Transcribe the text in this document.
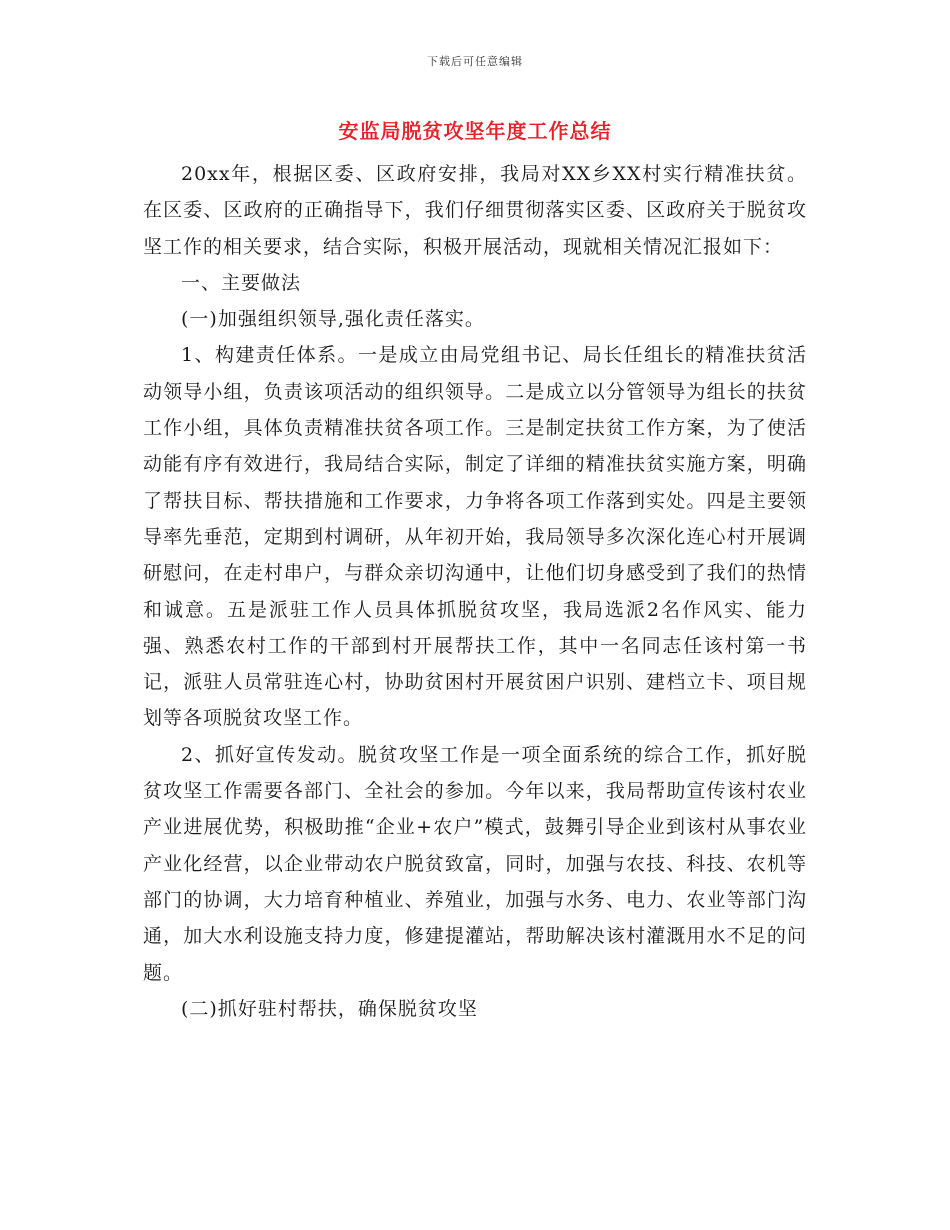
下载后可任意编辑
安监局脱贫攻坚年度工作总结

20xx年，根据区委、区政府安排，我局对XX乡XX村实行精准扶贫。在区委、区政府的正确指导下，我们仔细贯彻落实区委、区政府关于脱贫攻坚工作的相关要求，结合实际，积极开展活动，现就相关情况汇报如下：

一、主要做法

(一)加强组织领导,强化责任落实。

1、构建责任体系。一是成立由局党组书记、局长任组长的精准扶贫活动领导小组，负责该项活动的组织领导。二是成立以分管领导为组长的扶贫工作小组，具体负责精准扶贫各项工作。三是制定扶贫工作方案，为了使活动能有序有效进行，我局结合实际，制定了详细的精准扶贫实施方案，明确了帮扶目标、帮扶措施和工作要求，力争将各项工作落到实处。四是主要领导率先垂范，定期到村调研，从年初开始，我局领导多次深化连心村开展调研慰问，在走村串户，与群众亲切沟通中，让他们切身感受到了我们的热情和诚意。五是派驻工作人员具体抓脱贫攻坚，我局选派2名作风实、能力强、熟悉农村工作的干部到村开展帮扶工作，其中一名同志任该村第一书记，派驻人员常驻连心村，协助贫困村开展贫困户识别、建档立卡、项目规划等各项脱贫攻坚工作。

2、抓好宣传发动。脱贫攻坚工作是一项全面系统的综合工作，抓好脱贫攻坚工作需要各部门、全社会的参加。今年以来，我局帮助宣传该村农业产业进展优势，积极助推“企业+农户”模式，鼓舞引导企业到该村从事农业产业化经营，以企业带动农户脱贫致富，同时，加强与农技、科技、农机等部门的协调，大力培育种植业、养殖业，加强与水务、电力、农业等部门沟通，加大水利设施支持力度，修建提灌站，帮助解决该村灌溉用水不足的问题。

(二)抓好驻村帮扶，确保脱贫攻坚
